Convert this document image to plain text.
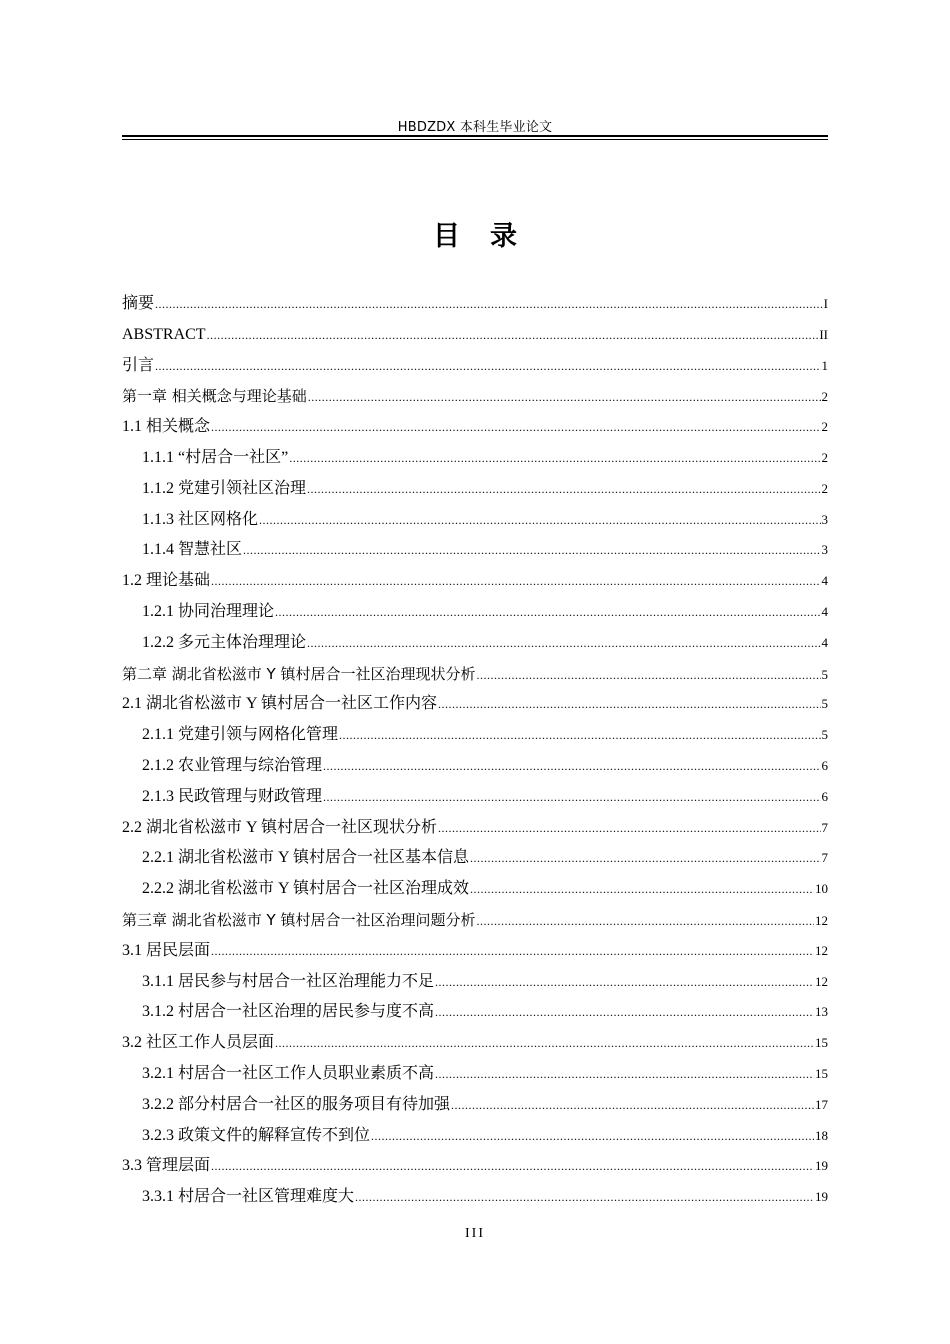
HBDZDX 本科生毕业论文
目录
摘要 .....	I
ABSTRACT .....	II
引言 .....	1
第一章 相关概念与理论基础 .....	2
1.1 相关概念 .....	2
1.1.1 “村居合一社区” .....	2
1.1.2 党建引领社区治理 .....	2
1.1.3 社区网格化 .....	3
1.1.4 智慧社区 .....	3
1.2 理论基础 .....	4
1.2.1 协同治理理论 .....	4
1.2.2 多元主体治理理论 .....	4
第二章 湖北省松滋市 Y 镇村居合一社区治理现状分析 .....	5
2.1 湖北省松滋市 Y 镇村居合一社区工作内容 .....	5
2.1.1 党建引领与网格化管理 .....	5
2.1.2 农业管理与综治管理 .....	6
2.1.3 民政管理与财政管理 .....	6
2.2 湖北省松滋市 Y 镇村居合一社区现状分析 .....	7
2.2.1 湖北省松滋市 Y 镇村居合一社区基本信息 .....	7
2.2.2 湖北省松滋市 Y 镇村居合一社区治理成效 .....	10
第三章 湖北省松滋市 Y 镇村居合一社区治理问题分析 .....	12
3.1 居民层面 .....	12
3.1.1 居民参与村居合一社区治理能力不足 .....	12
3.1.2 村居合一社区治理的居民参与度不高 .....	13
3.2 社区工作人员层面 .....	15
3.2.1 村居合一社区工作人员职业素质不高 .....	15
3.2.2 部分村居合一社区的服务项目有待加强 .....	17
3.2.3 政策文件的解释宣传不到位 .....	18
3.3 管理层面 .....	19
3.3.1 村居合一社区管理难度大 .....	19
III
